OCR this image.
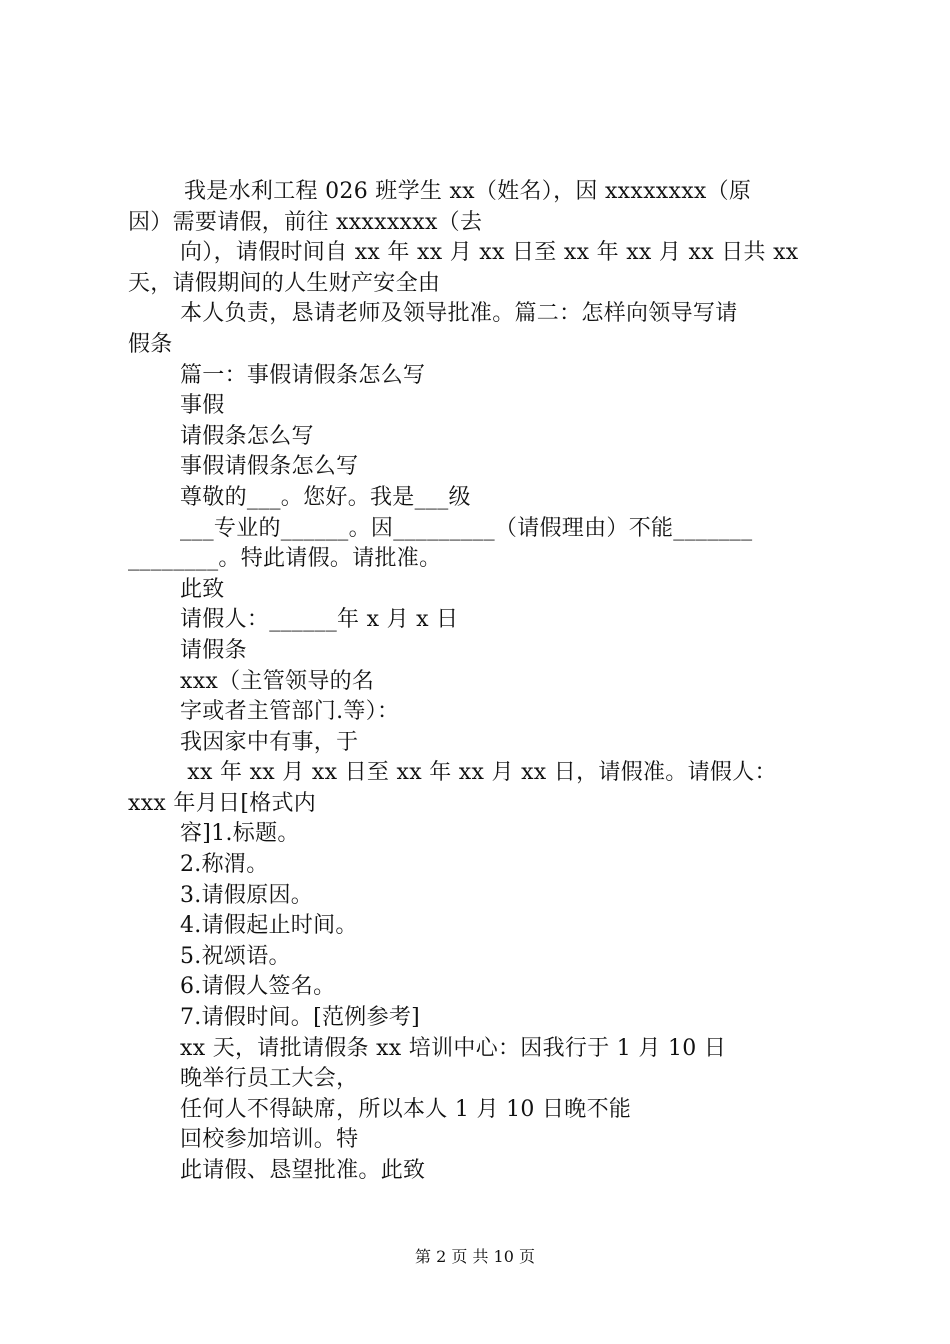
我是水利工程 026 班学生 xx（姓名），因 xxxxxxxx（原
因）需要请假，前往 xxxxxxxx（去
向），请假时间自 xx 年 xx 月 xx 日至 xx 年 xx 月 xx 日共 xx
天，请假期间的人生财产安全由
本人负责，恳请老师及领导批准。篇二：怎样向领导写请
假条
篇一：事假请假条怎么写
事假
请假条怎么写
事假请假条怎么写
尊敬的___。您好。我是___级
___专业的______。因_________（请假理由）不能_______
________。特此请假。请批准。
此致
请假人：______年 x 月 x 日
请假条
xxx（主管领导的名
字或者主管部门.等）：
我因家中有事，于
xx 年 xx 月 xx 日至 xx 年 xx 月 xx 日，请假准。请假人：
xxx 年月日[格式内
容]1.标题。
2.称渭。
3.请假原因。
4.请假起止时间。
5.祝颂语。
6.请假人签名。
7.请假时间。[范例参考]
xx 天，请批请假条 xx 培训中心：因我行于 1 月 10 日
晚举行员工大会，
任何人不得缺席，所以本人 1 月 10 日晚不能
回校参加培训。特
此请假、恳望批准。此致
第 2 页 共 10 页
